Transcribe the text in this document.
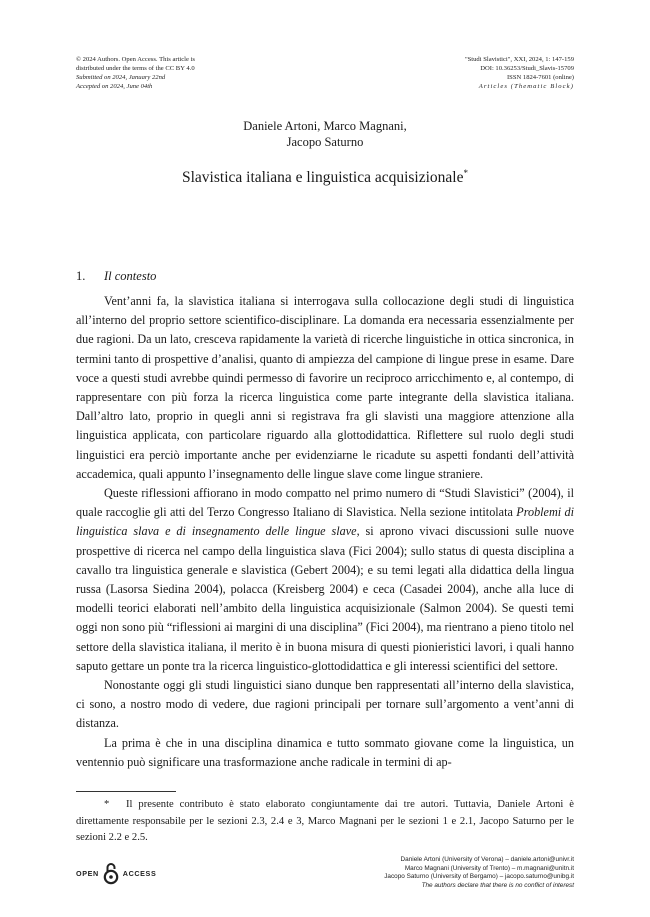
© 2024 Authors. Open Access. This article is
distributed under the terms of the CC BY 4.0
Submitted on 2024, January 22nd
Accepted on 2024, June 04th
"Studi Slavistici", XXI, 2024, 1: 147-159
DOI: 10.36253/Studi_Slavis-15709
ISSN 1824-7601 (online)
Articles (Thematic Block)
Daniele Artoni, Marco Magnani,
Jacopo Saturno
Slavistica italiana e linguistica acquisizionale*
1. Il contesto

Vent’anni fa, la slavistica italiana si interrogava sulla collocazione degli studi di linguistica all’interno del proprio settore scientifico-disciplinare. La domanda era necessaria essenzialmente per due ragioni. Da un lato, cresceva rapidamente la varietà di ricerche linguistiche in ottica sincronica, in termini tanto di prospettive d’analisi, quanto di ampiezza del campione di lingue prese in esame. Dare voce a questi studi avrebbe quindi permesso di favorire un reciproco arricchimento e, al contempo, di rappresentare con più forza la ricerca linguistica come parte integrante della slavistica italiana. Dall’altro lato, proprio in quegli anni si registrava fra gli slavisti una maggiore attenzione alla linguistica applicata, con particolare riguardo alla glottodidattica. Riflettere sul ruolo degli studi linguistici era perciò importante anche per evidenziarne le ricadute su aspetti fondanti dell’attività accademica, quali appunto l’insegnamento delle lingue slave come lingue straniere.

Queste riflessioni affiorano in modo compatto nel primo numero di “Studi Slavistici” (2004), il quale raccoglie gli atti del Terzo Congresso Italiano di Slavistica. Nella sezione intitolata Problemi di linguistica slava e di insegnamento delle lingue slave, si aprono vivaci discussioni sulle nuove prospettive di ricerca nel campo della linguistica slava (Fici 2004); sullo status di questa disciplina a cavallo tra linguistica generale e slavistica (Gebert 2004); e su temi legati alla didattica della lingua russa (Lasorsa Siedina 2004), polacca (Kreisberg 2004) e ceca (Casadei 2004), anche alla luce di modelli teorici elaborati nell’ambito della linguistica acquisizionale (Salmon 2004). Se questi temi oggi non sono più “riflessioni ai margini di una disciplina” (Fici 2004), ma rientrano a pieno titolo nel settore della slavistica italiana, il merito è in buona misura di questi pionieristici lavori, i quali hanno saputo gettare un ponte tra la ricerca linguistico-glottodidattica e gli interessi scientifici del settore.

Nonostante oggi gli studi linguistici siano dunque ben rappresentati all’interno della slavistica, ci sono, a nostro modo di vedere, due ragioni principali per tornare sull’argomento a vent’anni di distanza.

La prima è che in una disciplina dinamica e tutto sommato giovane come la linguistica, un ventennio può significare una trasformazione anche radicale in termini di ap-

* Il presente contributo è stato elaborato congiuntamente dai tre autori. Tuttavia, Daniele Artoni è direttamente responsabile per le sezioni 2.3, 2.4 e 3, Marco Magnani per le sezioni 1 e 2.1, Jacopo Saturno per le sezioni 2.2 e 2.5.
OPEN	ACCESS
Daniele Artoni (University of Verona) – daniele.artoni@univr.it
Marco Magnani (University of Trento) – m.magnani@unitn.it
Jacopo Saturno (University of Bergamo) – jacopo.saturno@unibg.it
The authors declare that there is no conflict of interest
